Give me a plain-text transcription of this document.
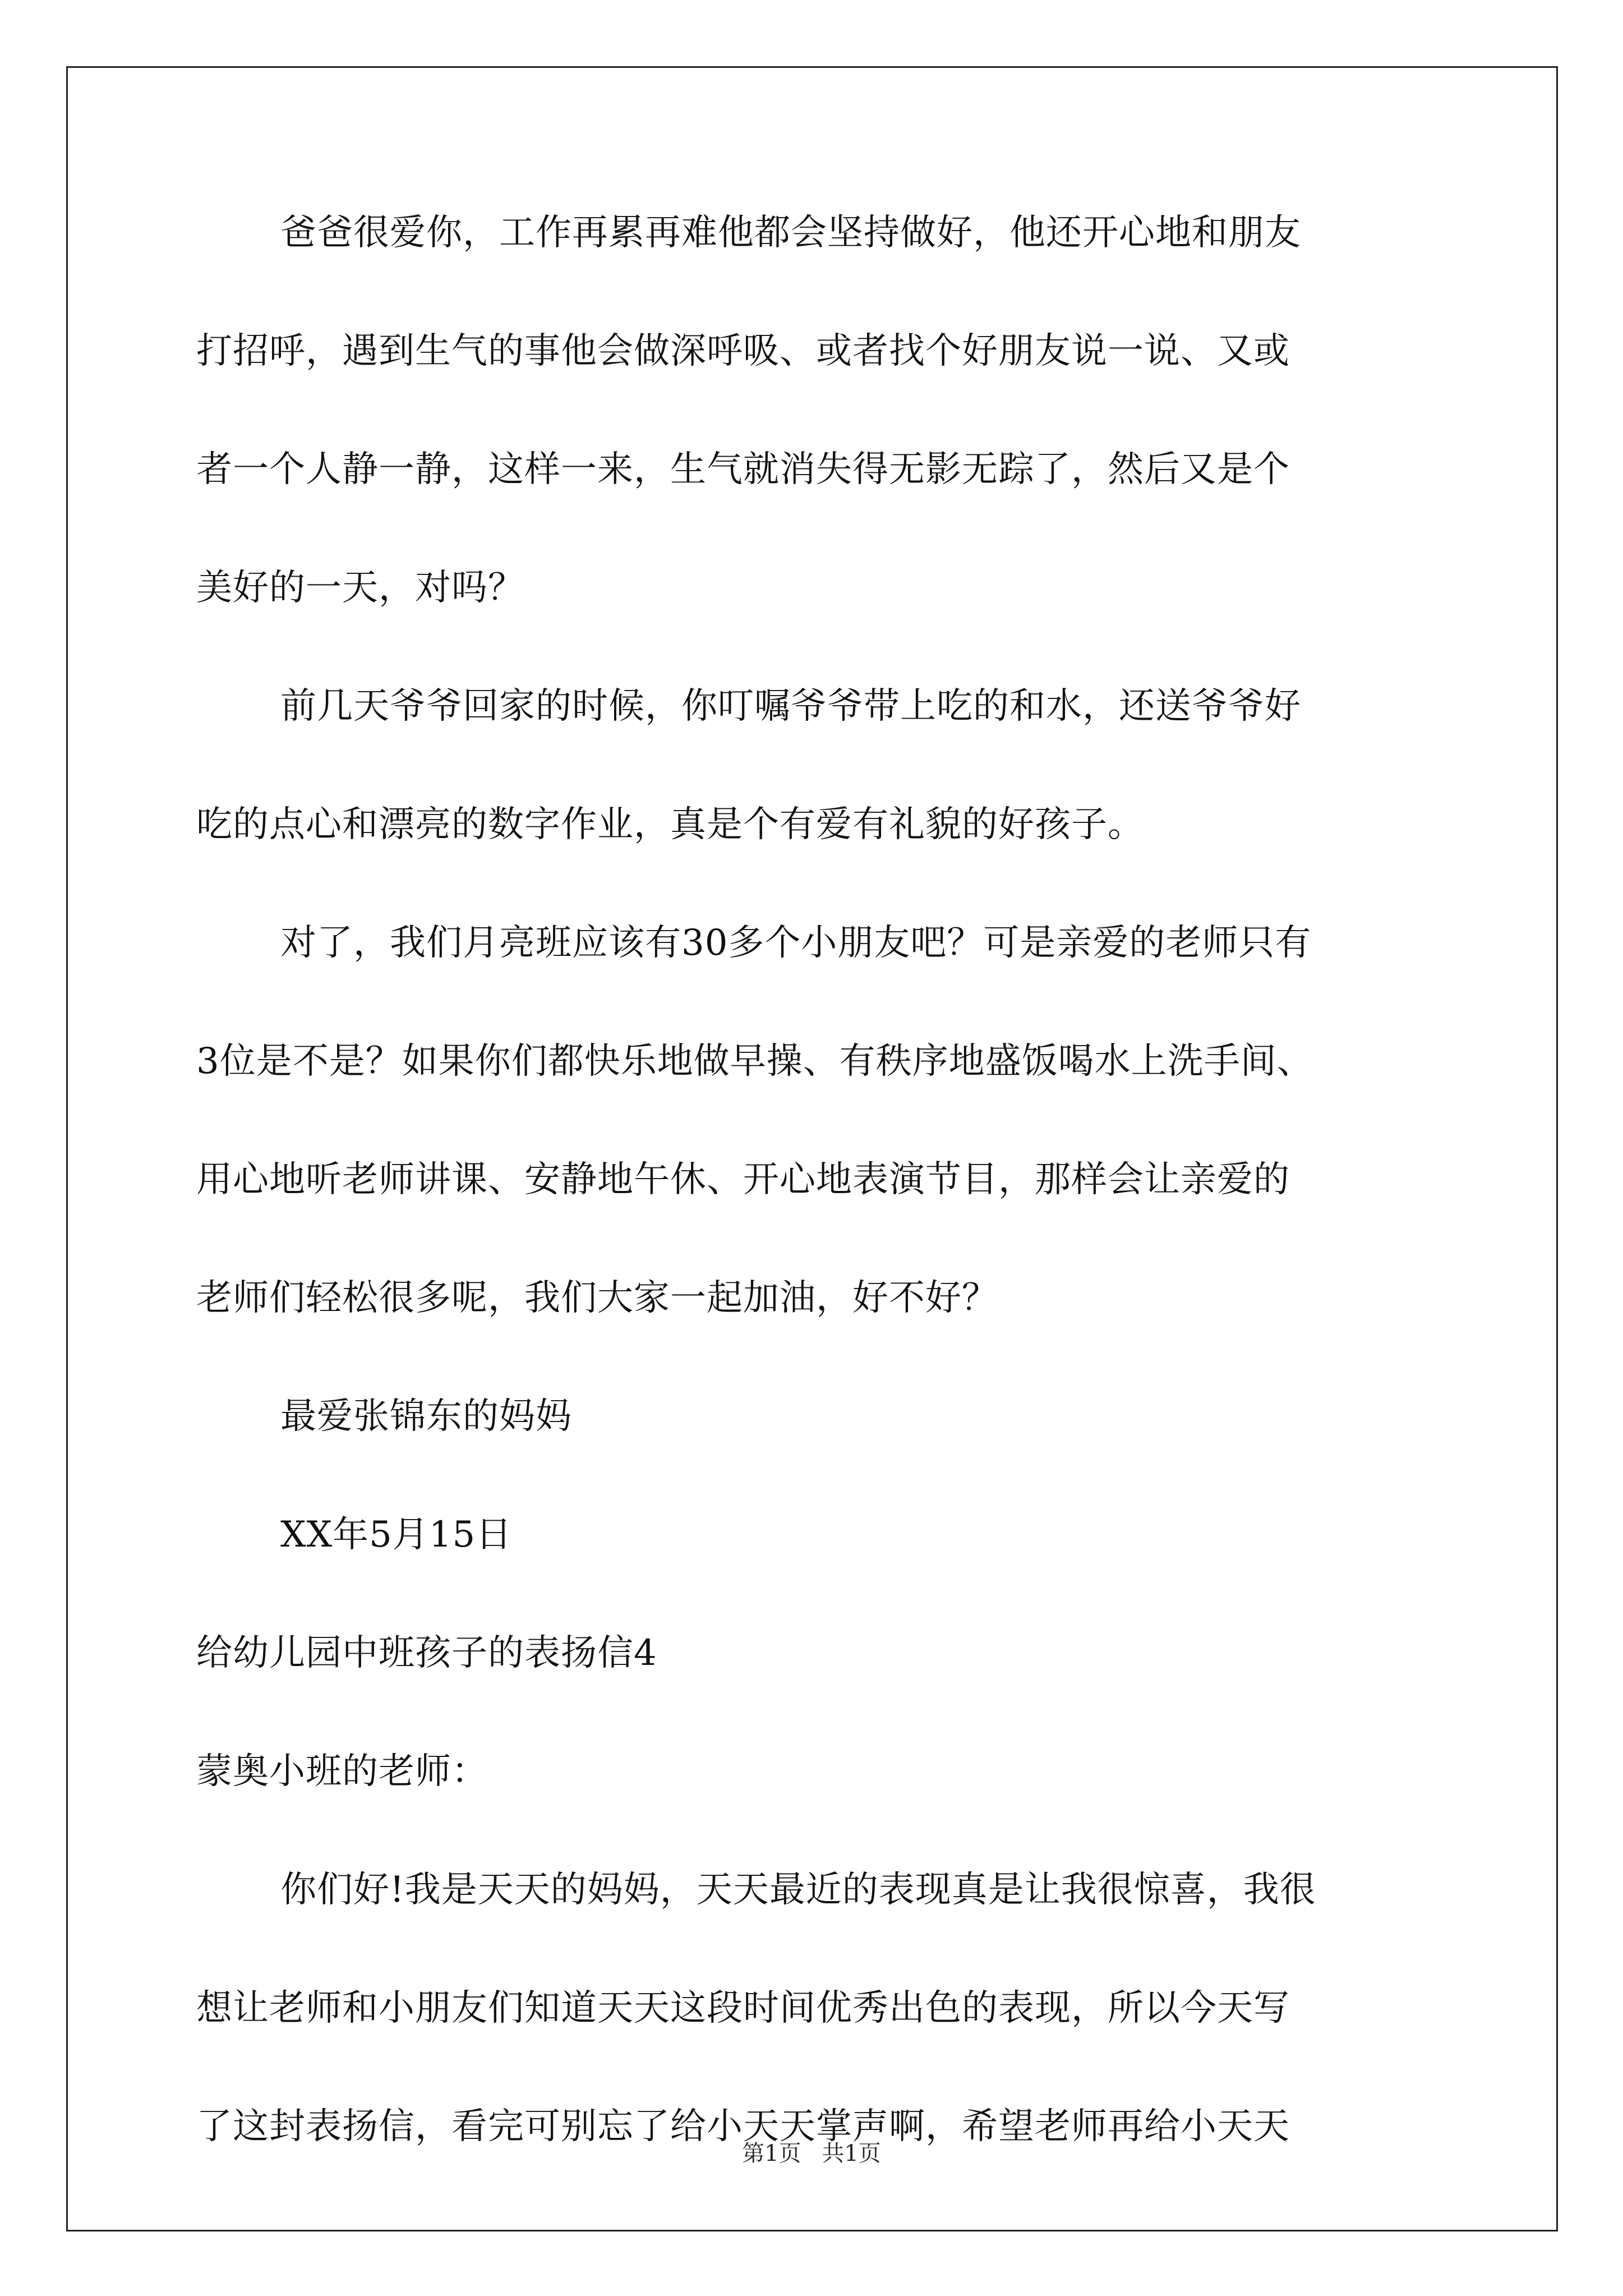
爸爸很爱你，工作再累再难他都会坚持做好，他还开心地和朋友
打招呼，遇到生气的事他会做深呼吸、或者找个好朋友说一说、又或
者一个人静一静，这样一来，生气就消失得无影无踪了，然后又是个
美好的一天，对吗？
前几天爷爷回家的时候，你叮嘱爷爷带上吃的和水，还送爷爷好
吃的点心和漂亮的数字作业，真是个有爱有礼貌的好孩子。
对了，我们月亮班应该有30多个小朋友吧？可是亲爱的老师只有
3位是不是？如果你们都快乐地做早操、有秩序地盛饭喝水上洗手间、
用心地听老师讲课、安静地午休、开心地表演节目，那样会让亲爱的
老师们轻松很多呢，我们大家一起加油，好不好？
最爱张锦东的妈妈
XX年5月15日
给幼儿园中班孩子的表扬信4
蒙奥小班的老师：
你们好!我是天天的妈妈，天天最近的表现真是让我很惊喜，我很
想让老师和小朋友们知道天天这段时间优秀出色的表现，所以今天写
了这封表扬信，看完可别忘了给小天天掌声啊，希望老师再给小天天
第1页 共1页
